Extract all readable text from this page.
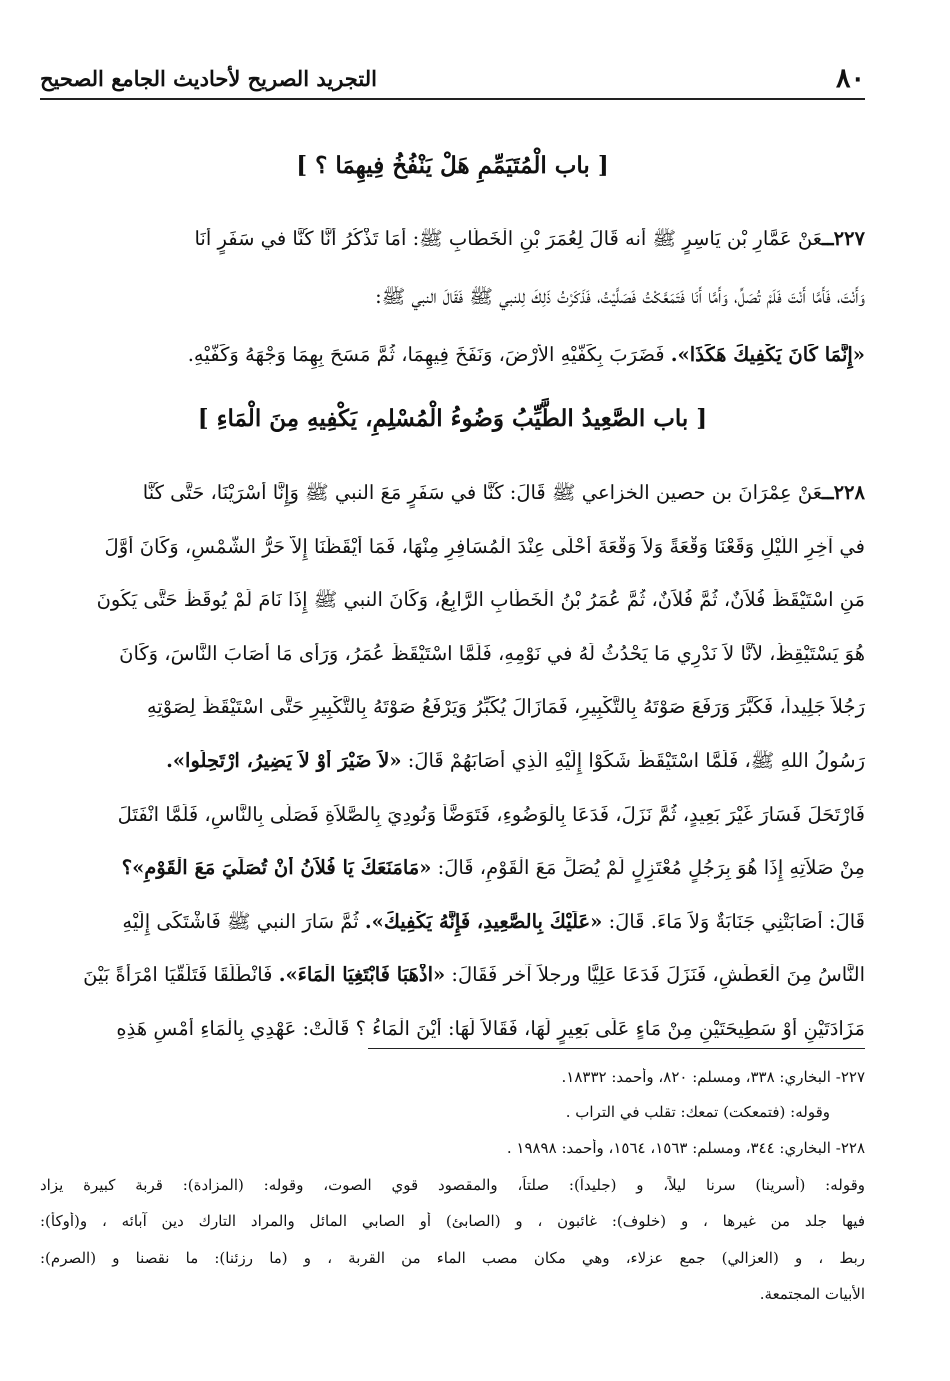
٨٠
التجريد الصريح لأحاديث الجامع الصحيح
[ باب الْمُتَيَمِّمِ هَلْ يَنْفُخُ فِيهِمَا ؟ ]
٢٢٧ــعَنْ عَمَّارِ بْن يَاسِرٍ ﷺ أنه قَالَ لِعُمَرَ بْنِ الْخَطَّابِ ﷺ: أَمَا تَذْكُرُ أَنَّا كُنَّا في سَفَرٍ أَنَا
وَأَنْتَ، فَأَمَّا أَنْتَ فَلَمْ تُصَلِّ، وَأَمَّا أَنَا فَتَمَعَّكْتُ فَصَلَّيْتُ، فَذَكَرْتُ ذَلِكَ لِلنبي ﷺ فَقَالَ النبي ﷺ:
«إِنَّمَا كَانَ يَكْفِيكَ هَكَذَا». فَضَرَبَ بِكَفَّيْهِ الأَرْضَ، وَنَفَخَ فِيهِمَا، ثُمَّ مَسَحَ بِهِمَا وَجْهَهُ وَكَفَّيْهِ.
[ باب الصَّعِيدُ الطَّيِّبُ وَضُوءُ الْمُسْلِمِ، يَكْفِيهِ مِنَ الْمَاءِ ]
٢٢٨ــعَنْ عِمْرَانَ بن حصين الخزاعي ﷺ قَالَ: كُنَّا في سَفَرٍ مَعَ النبي ﷺ وَإِنَّا أَسْرَيْنَا، حَتَّى كُنَّا
في آخِرِ اللَّيْلِ وَقَعْنَا وَقْعَةً وَلاَ وَقْعَةَ أَحْلَى عِنْدَ الْمُسَافِرِ مِنْهَا، فَمَا أَيْقَظَنَا إِلاَّ حَرُّ الشَّمْسِ، وَكَانَ أَوَّلَ
مَنِ اسْتَيْقَظَ فُلاَنٌ، ثُمَّ فُلاَنٌ، ثُمَّ عُمَرُ بْنُ الْخَطَّابِ الرَّابِعُ، وَكَانَ النبي ﷺ إِذَا نَامَ لَمْ يُوقَظْ حَتَّى يَكُونَ
هُوَ يَسْتَيْقِظُ، لأَنَّا لاَ نَدْرِي مَا يَحْدُثُ لَهُ في نَوْمِهِ، فَلَمَّا اسْتَيْقَظَ عُمَرُ، وَرَأَى مَا أَصَابَ النَّاسَ، وَكَانَ
رَجُلاً جَلِيداً، فَكَبَّرَ وَرَفَعَ صَوْتَهُ بِالتَّكْبِيرِ، فَمَازَالَ يُكَبِّرُ وَيَرْفَعُ صَوْتَهُ بِالتَّكْبِيرِ حَتَّى اسْتَيْقَظَ لِصَوْتِهِ
رَسُولُ اللهِ ﷺ، فَلَمَّا اسْتَيْقَظَ شَكَوْا إِلَيْهِ الَّذِي أَصَابَهُمْ قَالَ: «لاَ ضَيْرَ أَوْ لاَ يَضِيرُ، ارْتَحِلُوا».
فَارْتَحَلَ فَسَارَ غَيْرَ بَعِيدٍ، ثُمَّ نَزَلَ، فَدَعَا بِالْوَضُوءِ، فَتَوَضَّأَ وَنُودِيَ بِالصَّلاَةِ فَصَلَّى بِالنَّاسِ، فَلَمَّا انْفَتَلَ
مِنْ صَلاَتِهِ إِذَا هُوَ بِرَجُلٍ مُعْتَزِلٍ لَمْ يُصَلِّ مَعَ الْقَوْمِ، قَالَ: «مَامَنَعَكَ يَا فُلاَنُ أَنْ تُصَلِّيَ مَعَ الْقَوْمِ»؟
قَالَ: أَصَابَتْنِي جَنَابَةٌ وَلاَ مَاءَ. قَالَ: «عَلَيْكَ بِالصَّعِيدِ، فَإِنَّهُ يَكْفِيكَ». ثُمَّ سَارَ النبي ﷺ فَاشْتَكَى إِلَيْهِ
النَّاسُ مِنَ الْعَطَشِ، فَنَزَلَ فَدَعَا عَلِيًّا ورجلاً آخر فَقَالَ: «اذْهَبَا فَابْتَغِيَا الْمَاءَ». فَانْطَلَقَا فَتَلَقَّيَا امْرَأَةً بَيْنَ
مَزَادَتَيْنِ أَوْ سَطِيحَتَيْنِ مِنْ مَاءٍ عَلَى بَعِيرٍ لَهَا، فَقَالاَ لَهَا: أَيْنَ الْمَاءُ ؟ قَالَتْ: عَهْدِي بِالْمَاءِ أَمْسِ هَذِهِ
٢٢٧- البخاري: ٣٣٨، ومسلم: ٨٢٠، وأحمد: ١٨٣٣٢.
وقوله: (فتمعكت) تمعك: تقلب في التراب .
٢٢٨- البخاري: ٣٤٤، ومسلم: ١٥٦٣، ١٥٦٤، وأحمد: ١٩٨٩٨ .
وقوله: (أسرينا) سرنا ليلاً، و (جليداً): صلتاً، والمقصود قوي الصوت، وقوله: (المزادة): قربة كبيرة يزاد
فيها جلد من غيرها ، و (خلوف): غائبون ، و (الصابئ) أو الصابي المائل والمراد التارك دين آبائه ، و(أوكأ):
ربط ، و (العزالي) جمع عزلاء، وهي مكان مصب الماء من القربة ، و (ما رزئنا): ما نقصنا و (الصرم):
الأبيات المجتمعة.
